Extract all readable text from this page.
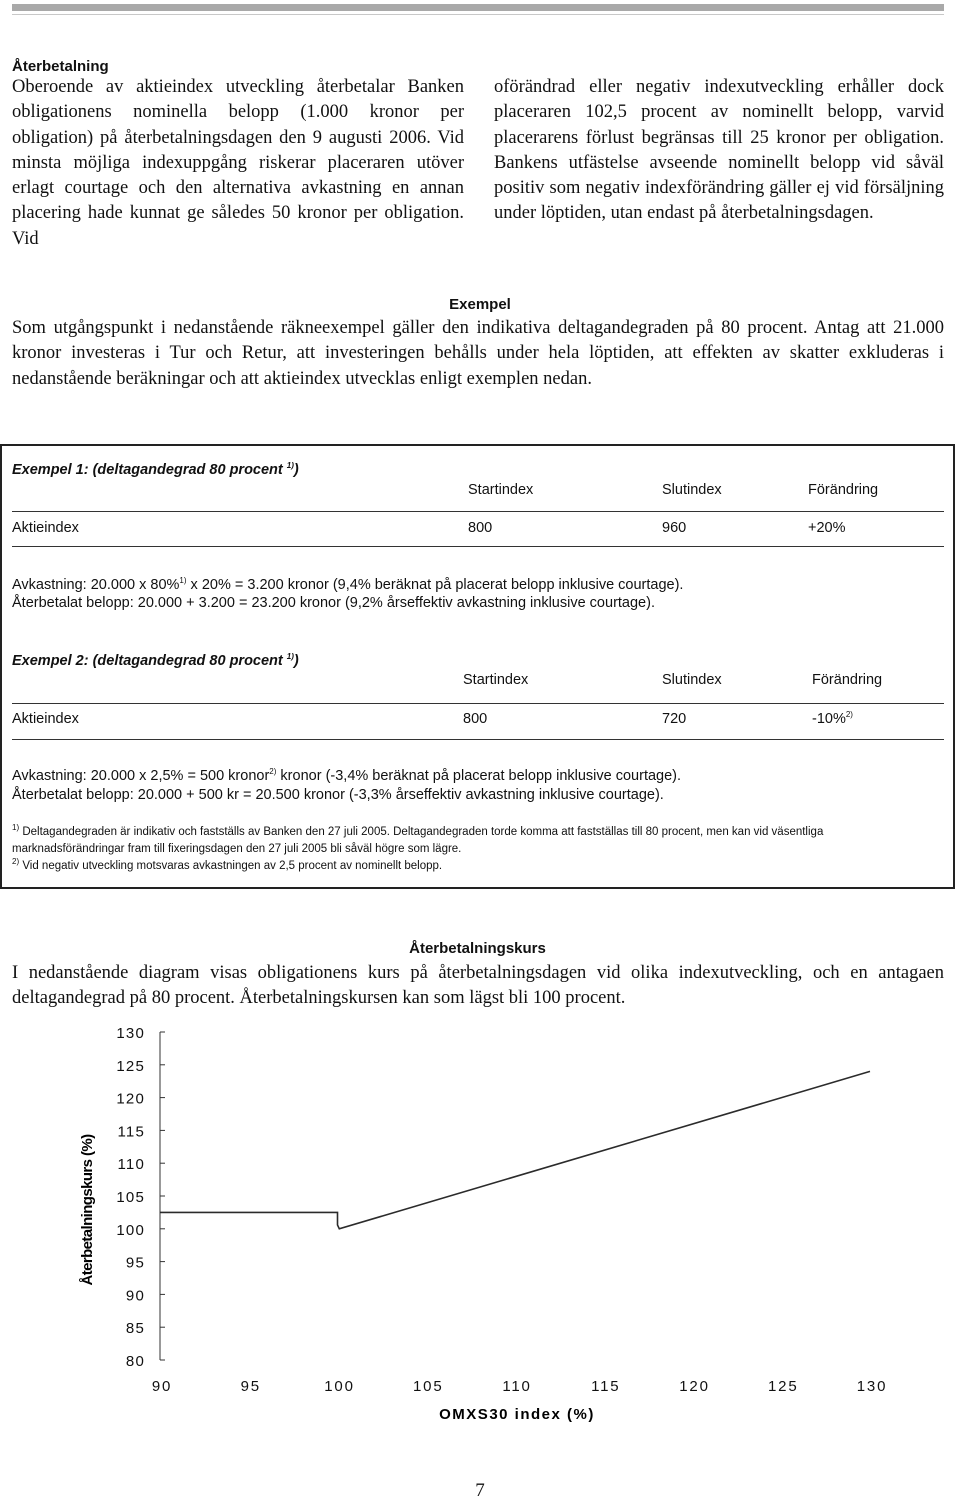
Återbetalning
Oberoende av aktieindex utveckling återbetalar Banken obligationens nominella belopp (1.000 kronor per obligation) på återbetalningsdagen den 9 augusti 2006. Vid minsta möjliga indexuppgång riskerar placeraren utöver erlagt courtage och den alternativa avkastning en annan placering hade kunnat ge således 50 kronor per obligation. Vid
oförändrad eller negativ indexutveckling erhåller dock placeraren 102,5 procent av nominellt belopp, varvid placerarens förlust begränsas till 25 kronor per obligation. Bankens utfästelse avseende nominellt belopp vid såväl positiv som negativ indexförändring gäller ej vid försäljning under löptiden, utan endast på återbetalningsdagen.
Exempel
Som utgångspunkt i nedanstående räkneexempel gäller den indikativa deltagandegraden på 80 procent. Antag att 21.000 kronor investeras i Tur och Retur, att investeringen behålls under hela löptiden, att effekten av skatter exkluderas i nedanstående beräkningar och att aktieindex utvecklas enligt exemplen nedan.
Exempel 1: (deltagandegrad 80 procent $^{1)}$)
Startindex	Slutindex	Förändring
Aktieindex	800	960	+20%
Avkastning: 20.000 x 80%$^{1)}$ x 20% = 3.200 kronor (9,4% beräknat på placerat belopp inklusive courtage).
Återbetalat belopp: 20.000 + 3.200 = 23.200 kronor (9,2% årseffektiv avkastning inklusive courtage).
Exempel 2: (deltagandegrad 80 procent $^{1)}$)
Startindex	Slutindex	Förändring
Aktieindex	800	720	-10%$^{2)}$
Avkastning: 20.000 x 2,5% = 500 kronor$^{2)}$ kronor (-3,4% beräknat på placerat belopp inklusive courtage).
Återbetalat belopp: 20.000 + 500 kr = 20.500 kronor (-3,3% årseffektiv avkastning inklusive courtage).
$^{1)}$ Deltagandegraden är indikativ och fastställs av Banken den 27 juli 2005. Deltagandegraden torde komma att fastställas till 80 procent, men kan vid väsentliga marknadsförändringar fram till fixeringsdagen den 27 juli 2005 bli såväl högre som lägre.
$^{2)}$ Vid negativ utveckling motsvaras avkastningen av 2,5 procent av nominellt belopp.
Återbetalningskurs
I nedanstående diagram visas obligationens kurs på återbetalningsdagen vid olika indexutveckling, och en antagaen deltagandegrad på 80 procent. Återbetalningskursen kan som lägst bli 100 procent.
80
85
90
95
100
105
110
115
120
125
130
90	95	100	105	110	115	120	125	130
Återbetalningskurs (%)
OMXS30 index (%)
7
